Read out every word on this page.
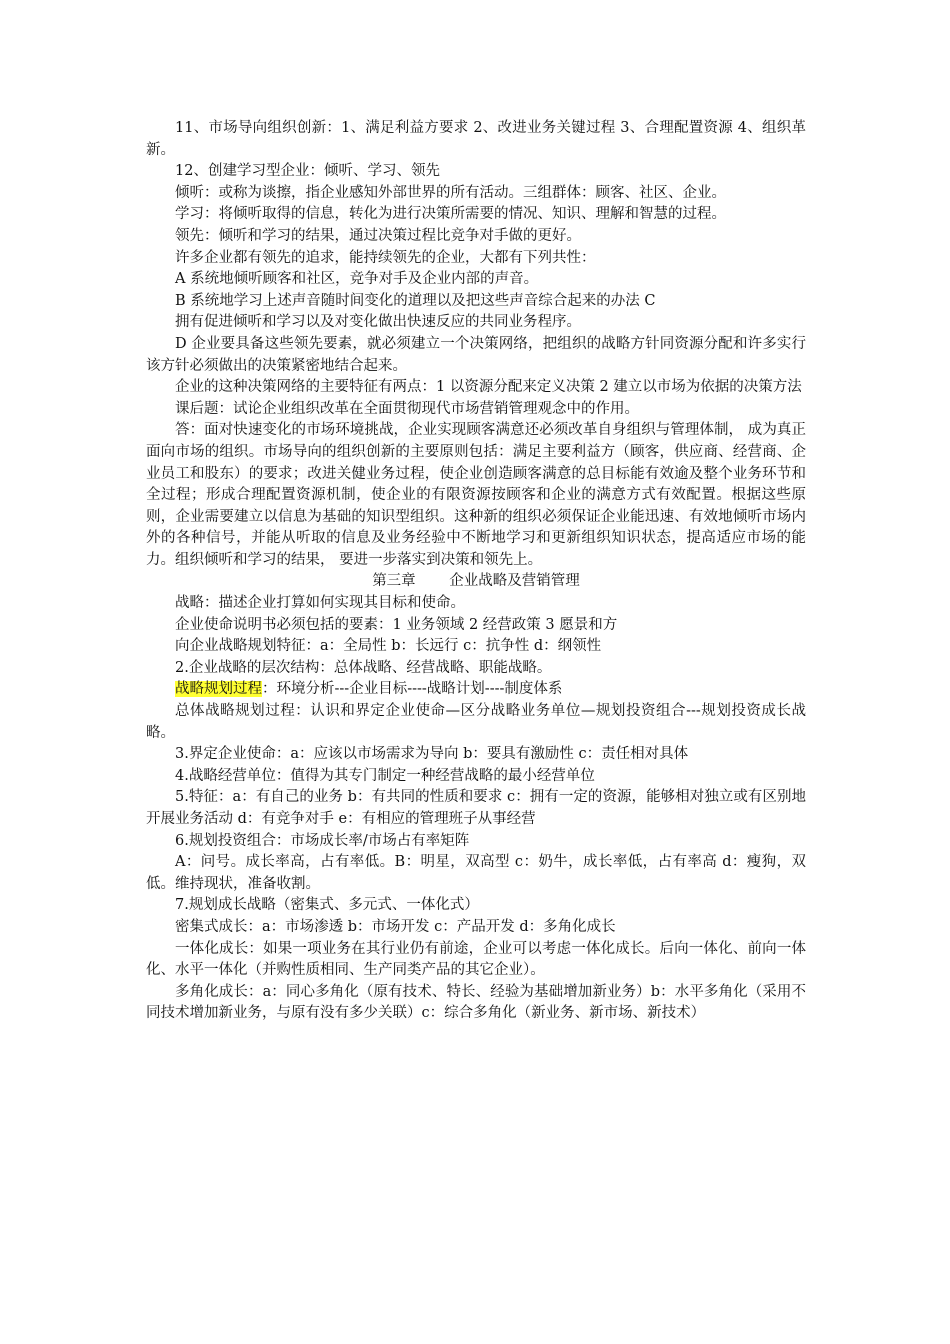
11、市场导向组织创新：1、满足利益方要求 2、改进业务关键过程 3、合理配置资源 4、组织革新。

12、创建学习型企业：倾听、学习、领先

倾听：或称为谈擦，指企业感知外部世界的所有活动。三组群体：顾客、社区、企业。

学习：将倾听取得的信息，转化为进行决策所需要的情况、知识、理解和智慧的过程。

领先：倾听和学习的结果，通过决策过程比竞争对手做的更好。

许多企业都有领先的追求，能持续领先的企业，大都有下列共性：

A 系统地倾听顾客和社区，竞争对手及企业内部的声音。

B 系统地学习上述声音随时间变化的道理以及把这些声音综合起来的办法 C

拥有促进倾听和学习以及对变化做出快速反应的共同业务程序。

D 企业要具备这些领先要素，就必须建立一个决策网络，把组织的战略方针同资源分配和许多实行该方针必须做出的决策紧密地结合起来。

企业的这种决策网络的主要特征有两点：1 以资源分配来定义决策 2 建立以市场为依据的决策方法

课后题：试论企业组织改革在全面贯彻现代市场营销管理观念中的作用。

答：面对快速变化的市场环境挑战，企业实现顾客满意还必须改革自身组织与管理体制， 成为真正面向市场的组织。市场导向的组织创新的主要原则包括：满足主要利益方（顾客，供应商、经营商、企业员工和股东）的要求；改进关健业务过程，使企业创造顾客满意的总目标能有效逾及整个业务环节和全过程；形成合理配置资源机制，使企业的有限资源按顾客和企业的满意方式有效配置。根据这些原则，企业需要建立以信息为基础的知识型组织。这种新的组织必须保证企业能迅速、有效地倾听市场内外的各种信号，并能从听取的信息及业务经验中不断地学习和更新组织知识状态，提高适应市场的能力。组织倾听和学习的结果， 要进一步落实到决策和领先上。

第三章 　　企业战略及营销管理

战略：描述企业打算如何实现其目标和使命。

企业使命说明书必须包括的要素：1 业务领域 2 经营政策 3 愿景和方

向企业战略规划特征：a：全局性 b：长远行 c：抗争性 d：纲领性

2.企业战略的层次结构：总体战略、经营战略、职能战略。

战略规划过程：环境分析---企业目标----战略计划----制度体系

总体战略规划过程：认识和界定企业使命—区分战略业务单位—规划投资组合---规划投资成长战略。

3.界定企业使命：a：应该以市场需求为导向 b：要具有激励性 c：责任相对具体

4.战略经营单位：值得为其专门制定一种经营战略的最小经营单位

5.特征：a：有自己的业务 b：有共同的性质和要求 c：拥有一定的资源，能够相对独立或有区别地开展业务活动 d：有竞争对手 e：有相应的管理班子从事经营

6.规划投资组合：市场成长率/市场占有率矩阵

A：问号。成长率高，占有率低。B：明星，双高型 c：奶牛，成长率低，占有率高 d：瘦狗，双低。维持现状，准备收割。

7.规划成长战略（密集式、多元式、一体化式）

密集式成长：a：市场渗透 b：市场开发 c：产品开发 d：多角化成长

一体化成长：如果一项业务在其行业仍有前途，企业可以考虑一体化成长。后向一体化、前向一体化、水平一体化（并购性质相同、生产同类产品的其它企业）。

多角化成长：a：同心多角化（原有技术、特长、经验为基础增加新业务）b：水平多角化（采用不同技术增加新业务，与原有没有多少关联）c：综合多角化（新业务、新市场、新技术）
